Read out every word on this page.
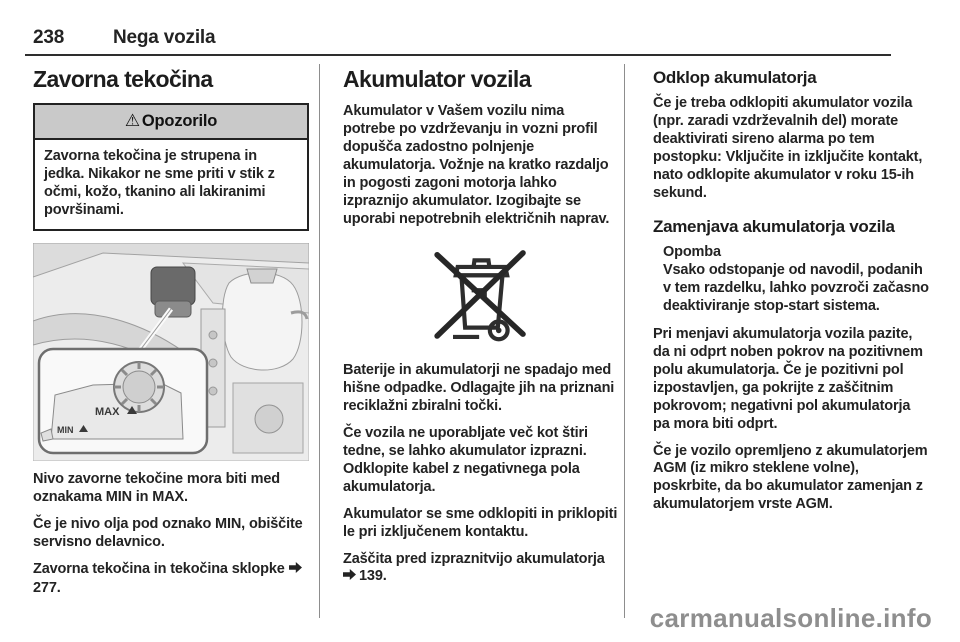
238	Nega vozila
Zavorna tekočina
⚠ Opozorilo

Zavorna tekočina je strupena in jedka. Nikakor ne sme priti v stik z očmi, kožo, tkanino ali lakiranimi površinami.

MAX
MIN

Nivo zavorne tekočine mora biti med oznakama MIN in MAX.

Če je nivo olja pod oznako MIN, obiščite servisno delavnico.

Zavorna tekočina in tekočina sklopke 277.

Akumulator vozila

Akumulator v Vašem vozilu nima potrebe po vzdrževanju in vozni profil dopušča zadostno polnjenje akumulatorja. Vožnje na kratko razdaljo in pogosti zagoni motorja lahko izpraznijo akumulator. Izogibajte se uporabi nepotrebnih električnih naprav.

Baterije in akumulatorji ne spadajo med hišne odpadke. Odlagajte jih na priznani reciklažni zbiralni točki.

Če vozila ne uporabljate več kot štiri tedne, se lahko akumulator izprazni. Odklopite kabel z negativnega pola akumulatorja.

Akumulator se sme odklopiti in priklopiti le pri izključenem kontaktu.

Zaščita pred izpraznitvijo akumulatorja 139.

Odklop akumulatorja

Če je treba odklopiti akumulator vozila (npr. zaradi vzdrževalnih del) morate deaktivirati sireno alarma po tem postopku: Vključite in izključite kontakt, nato odklopite akumulator v roku 15-ih sekund.

Zamenjava akumulatorja vozila

Opomba

Vsako odstopanje od navodil, podanih v tem razdelku, lahko povzroči začasno deaktiviranje stop-start sistema.

Pri menjavi akumulatorja vozila pazite, da ni odprt noben pokrov na pozitivnem polu akumulatorja. Če je pozitivni pol izpostavljen, ga pokrijte z zaščitnim pokrovom; negativni pol akumulatorja pa mora biti odprt.

Če je vozilo opremljeno z akumulatorjem AGM (iz mikro steklene volne), poskrbite, da bo akumulator zamenjan z akumulatorjem vrste AGM.

carmanualsonline.info
